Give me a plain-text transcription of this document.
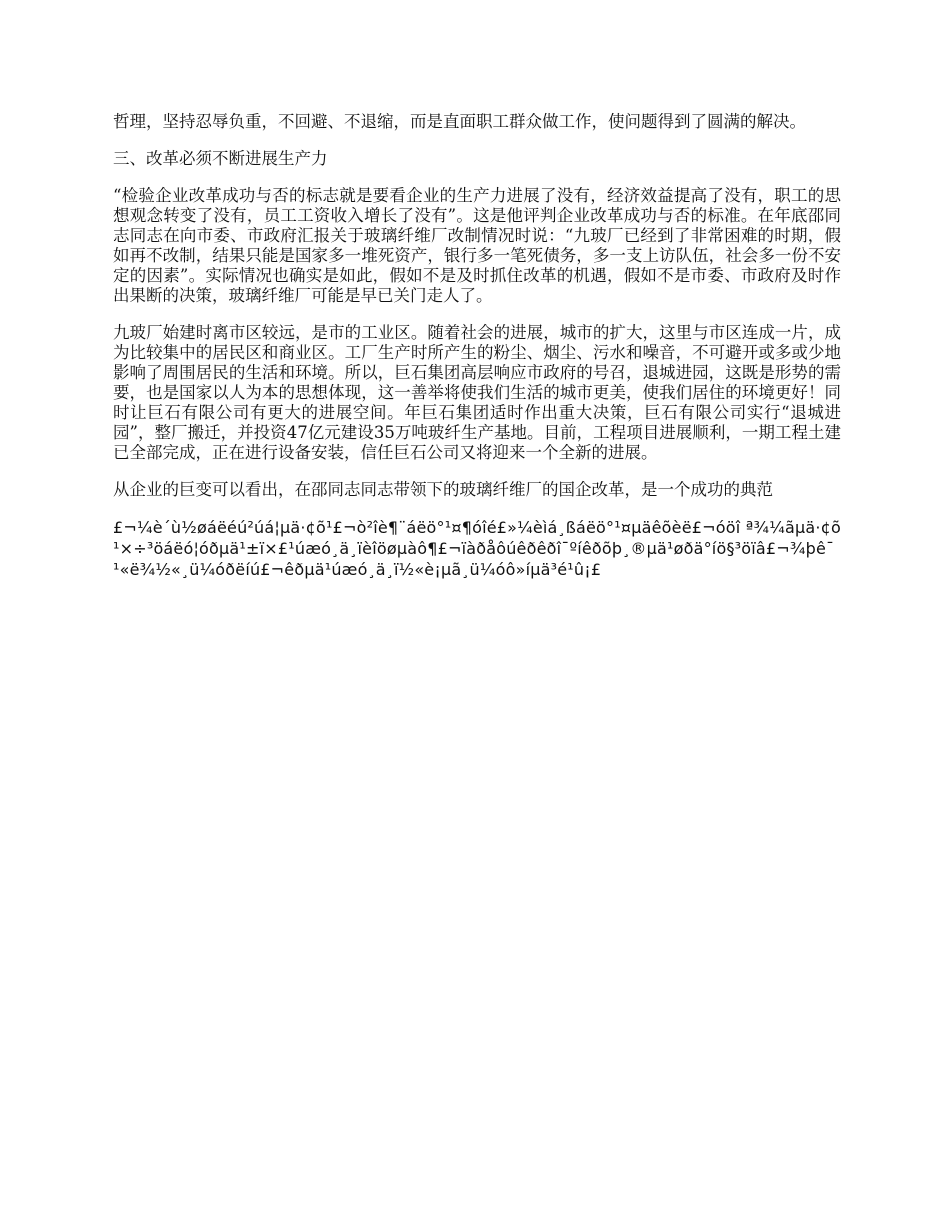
哲理，坚持忍辱负重，不回避、不退缩，而是直面职工群众做工作，使问题得到了圆满的解决。

三、改革必须不断进展生产力

“检验企业改革成功与否的标志就是要看企业的生产力进展了没有，经济效益提高了没有，职工的思想观念转变了没有，员工工资收入增长了没有”。这是他评判企业改革成功与否的标准。在年底邵同志同志在向市委、市政府汇报关于玻璃纤维厂改制情况时说：“九玻厂已经到了非常困难的时期，假如再不改制，结果只能是国家多一堆死资产，银行多一笔死债务，多一支上访队伍，社会多一份不安定的因素”。实际情况也确实是如此，假如不是及时抓住改革的机遇，假如不是市委、市政府及时作出果断的决策，玻璃纤维厂可能是早已关门走人了。

九玻厂始建时离市区较远，是市的工业区。随着社会的进展，城市的扩大，这里与市区连成一片，成为比较集中的居民区和商业区。工厂生产时所产生的粉尘、烟尘、污水和噪音，不可避开或多或少地影响了周围居民的生活和环境。所以，巨石集团高层响应市政府的号召，退城进园，这既是形势的需要，也是国家以人为本的思想体现，这一善举将使我们生活的城市更美，使我们居住的环境更好！同时让巨石有限公司有更大的进展空间。年巨石集团适时作出重大决策，巨石有限公司实行“退城进园”，整厂搬迁，并投资47亿元建设35万吨玻纤生产基地。目前，工程项目进展顺利，一期工程土建已全部完成，正在进行设备安装，信任巨石公司又将迎来一个全新的进展。

从企业的巨变可以看出，在邵同志同志带领下的玻璃纤维厂的国企改革，是一个成功的典范

£¬¼è´ù½øáëéú²úá¦µä·¢õ¹£¬ò²îè¶¨áëö°¹¤¶óîé£»¼èìá¸ßáëö°¹¤µäêõèë£¬óöî ª¾¼ãµä·¢õ¹×÷³öáëó¦óðµä¹±ï×£¹úæó¸ä¸ïèîöøµàô¶£¬ïàðåôúêðêðî¯ºíêðõþ¸®µä¹øðä°íö§³öïâ£¬¾þê¯¹«ë¾½«¸ü¼óðëíú£¬êðµä¹úæó¸ä¸ï½«è¡µã¸ü¼óô»íµä³é¹û¡£
